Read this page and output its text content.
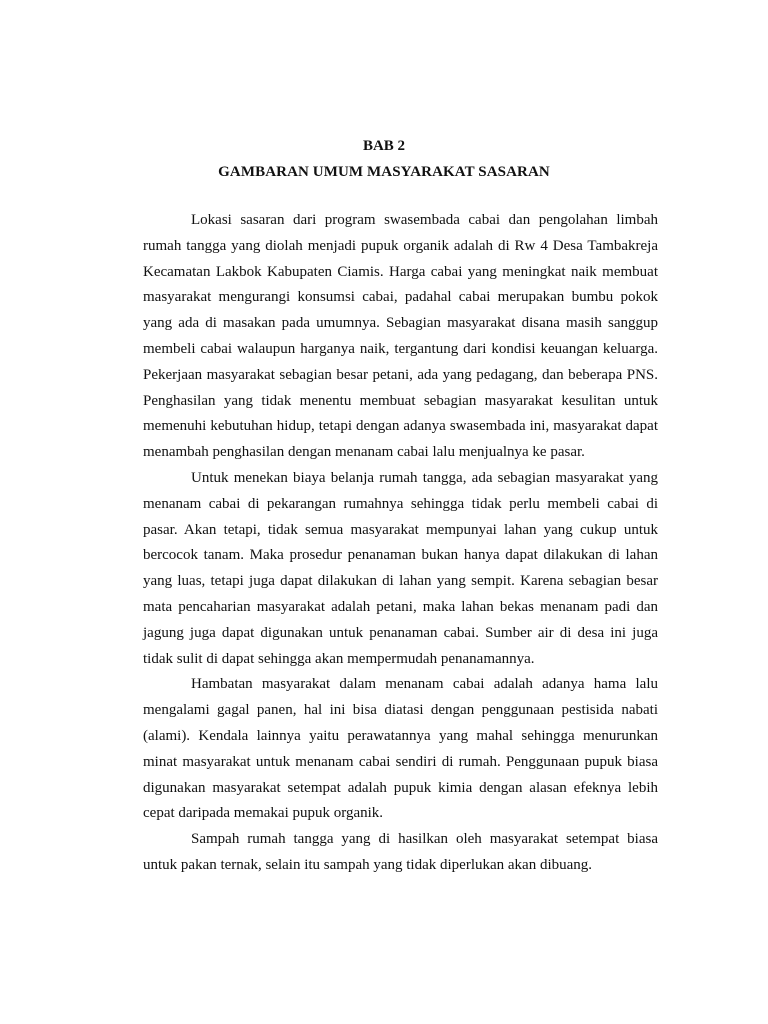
BAB 2
GAMBARAN UMUM MASYARAKAT SASARAN

Lokasi sasaran dari program swasembada cabai dan pengolahan limbah rumah tangga yang diolah menjadi pupuk organik adalah di Rw 4 Desa Tambakreja Kecamatan Lakbok Kabupaten Ciamis. Harga cabai yang meningkat naik membuat masyarakat mengurangi konsumsi cabai, padahal cabai merupakan bumbu pokok yang ada di masakan pada umumnya. Sebagian masyarakat disana masih sanggup membeli cabai walaupun harganya naik, tergantung dari kondisi keuangan keluarga. Pekerjaan masyarakat sebagian besar petani, ada yang pedagang, dan beberapa PNS. Penghasilan yang tidak menentu membuat sebagian masyarakat kesulitan untuk memenuhi kebutuhan hidup, tetapi dengan adanya swasembada ini, masyarakat dapat menambah penghasilan dengan menanam cabai lalu menjualnya ke pasar.

Untuk menekan biaya belanja rumah tangga, ada sebagian masyarakat yang menanam cabai di pekarangan rumahnya sehingga tidak perlu membeli cabai di pasar. Akan tetapi, tidak semua masyarakat mempunyai lahan yang cukup untuk bercocok tanam. Maka prosedur penanaman bukan hanya dapat dilakukan di lahan yang luas, tetapi juga dapat dilakukan di lahan yang sempit. Karena sebagian besar mata pencaharian masyarakat adalah petani, maka lahan bekas menanam padi dan jagung juga dapat digunakan untuk penanaman cabai. Sumber air di desa ini juga tidak sulit di dapat sehingga akan mempermudah penanamannya.

Hambatan masyarakat dalam menanam cabai adalah adanya hama lalu mengalami gagal panen, hal ini bisa diatasi dengan penggunaan pestisida nabati (alami). Kendala lainnya yaitu perawatannya yang mahal sehingga menurunkan minat masyarakat untuk menanam cabai sendiri di rumah. Penggunaan pupuk biasa digunakan masyarakat setempat adalah pupuk kimia dengan alasan efeknya lebih cepat daripada memakai pupuk organik.

Sampah rumah tangga yang di hasilkan oleh masyarakat setempat biasa untuk pakan ternak, selain itu sampah yang tidak diperlukan akan dibuang.
